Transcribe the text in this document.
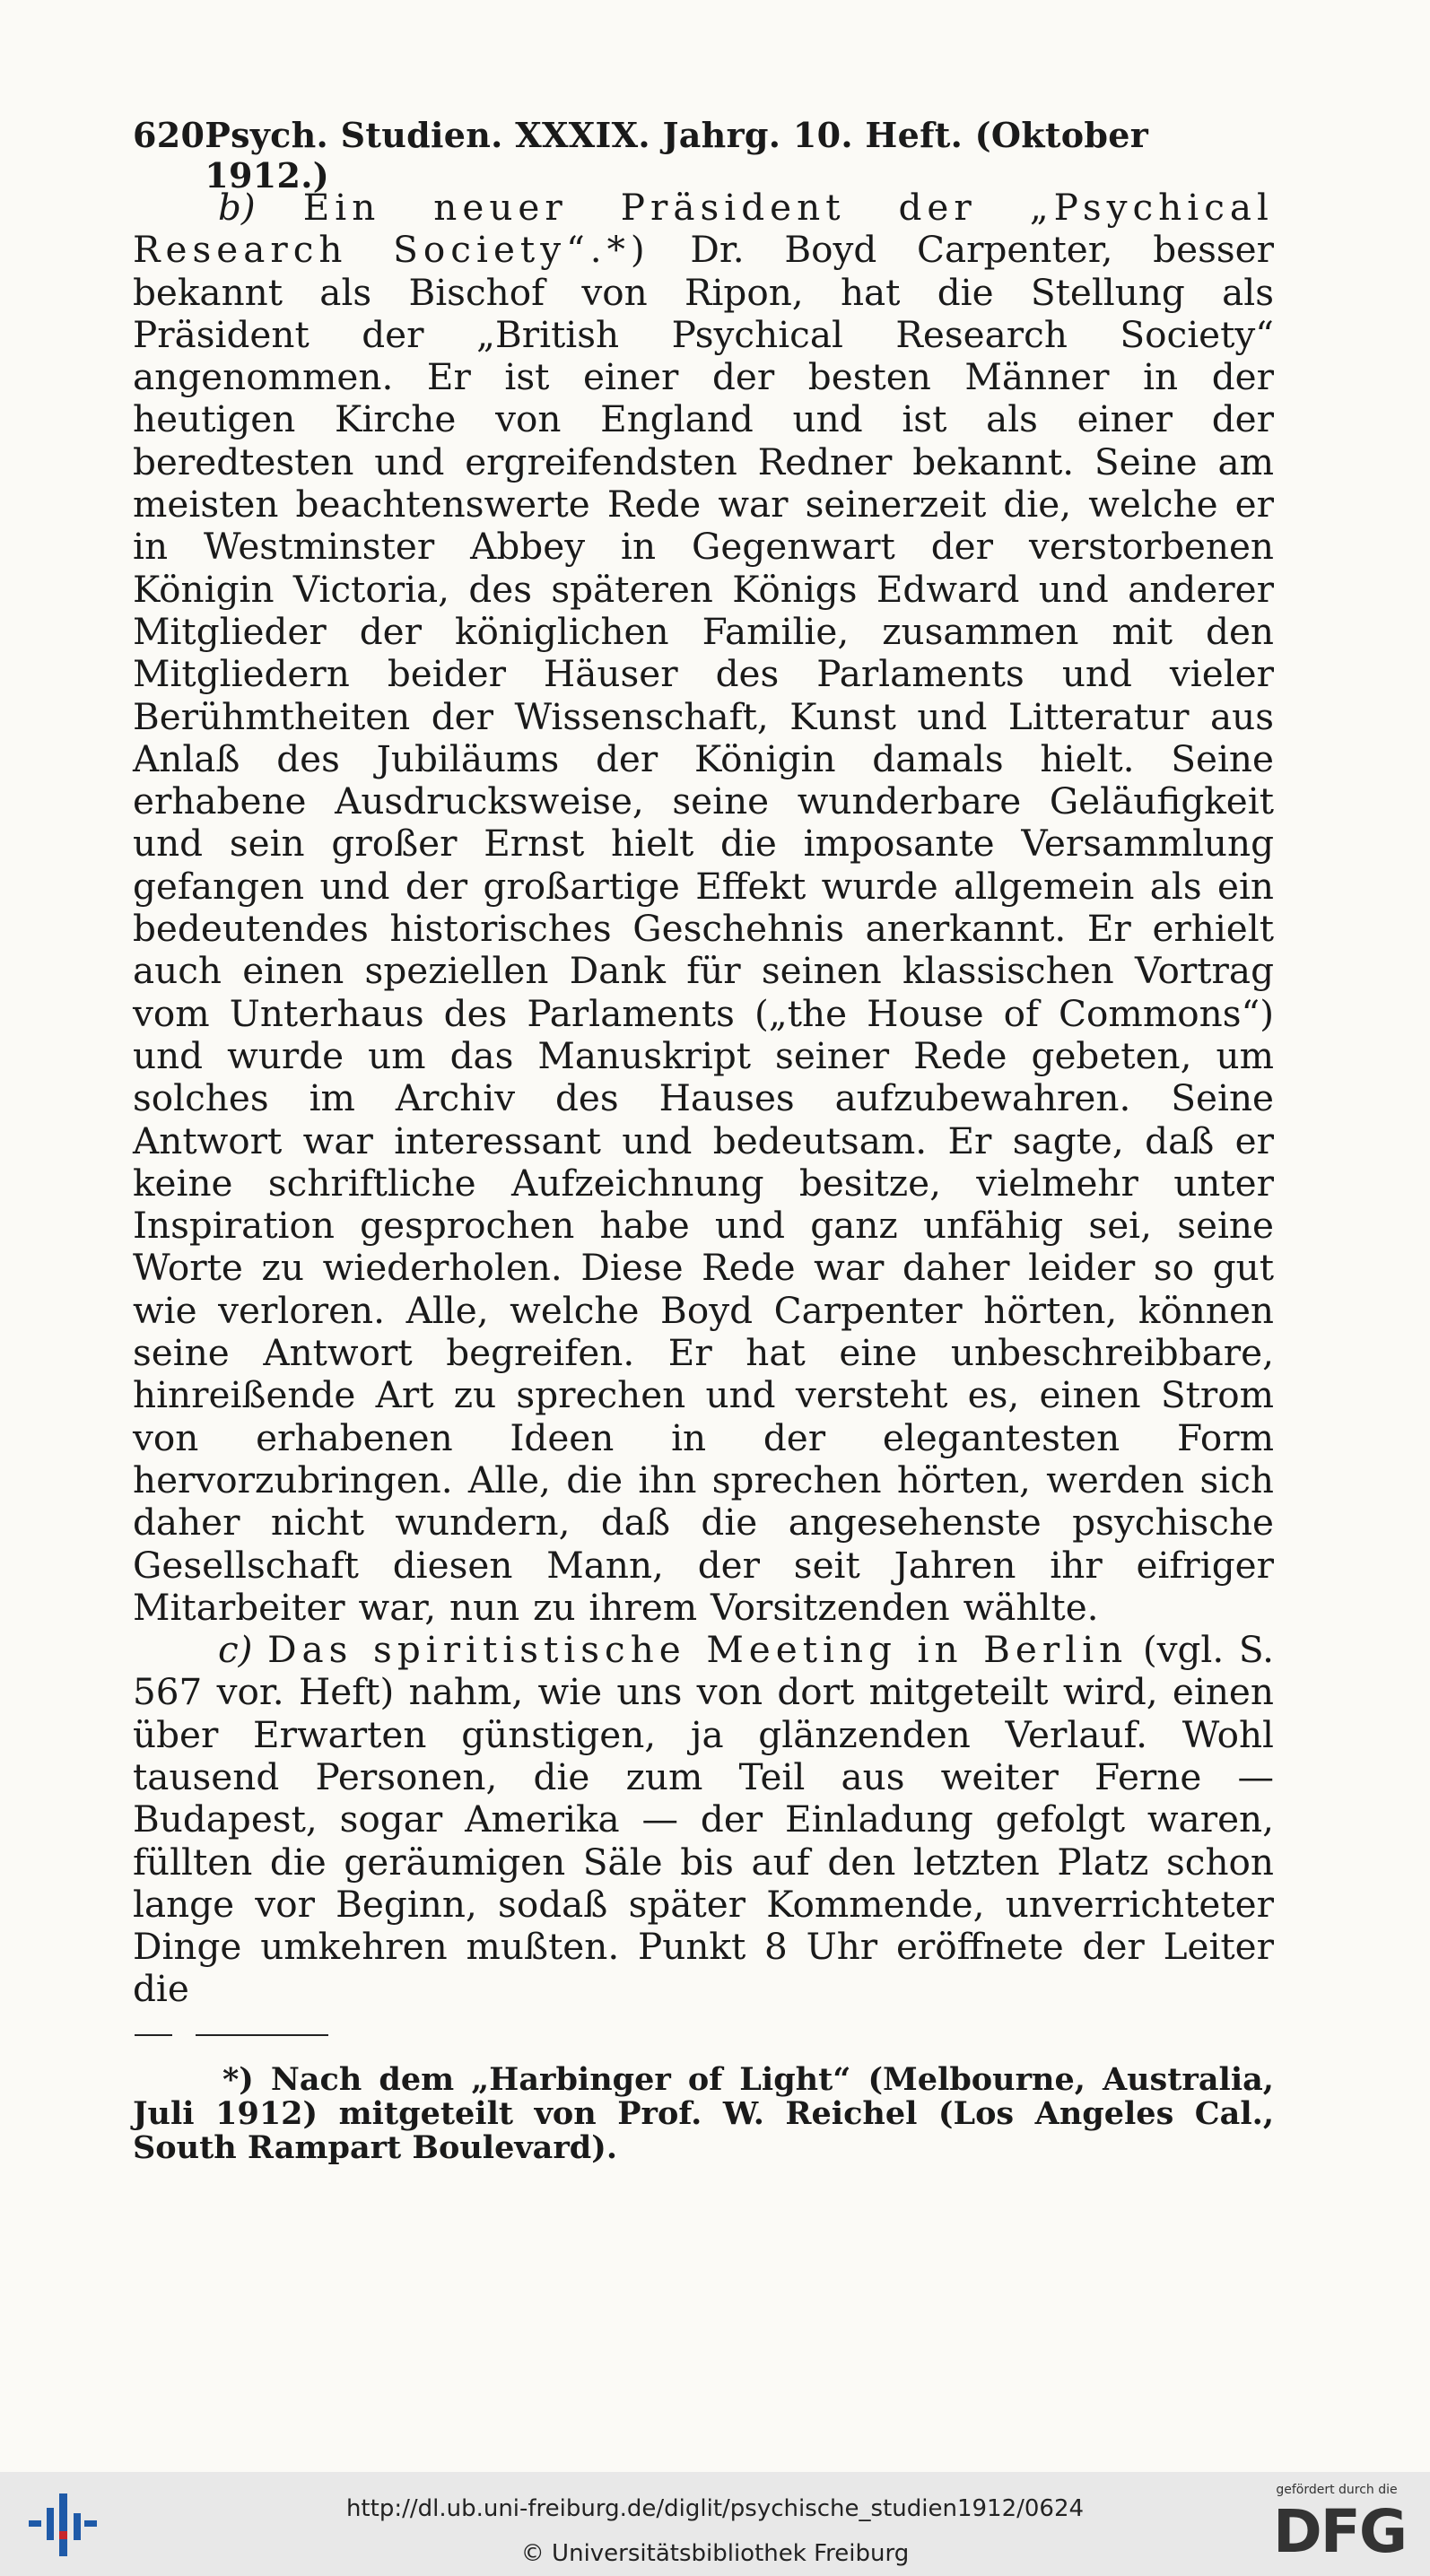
620 Psych. Studien. XXXIX. Jahrg. 10. Heft. (Oktober 1912.)

b) Ein neuer Präsident der „Psychical Research Society“.*) Dr. Boyd Carpenter, besser bekannt als Bischof von Ripon, hat die Stellung als Präsident der „British Psychical Research Society“ angenommen. Er ist einer der besten Männer in der heutigen Kirche von England und ist als einer der beredtesten und ergreifendsten Redner bekannt. Seine am meisten beachtenswerte Rede war seinerzeit die, welche er in Westminster Abbey in Gegenwart der verstorbenen Königin Victoria, des späteren Königs Edward und anderer Mitglieder der königlichen Familie, zusammen mit den Mitgliedern beider Häuser des Parlaments und vieler Berühmtheiten der Wissenschaft, Kunst und Litteratur aus Anlaß des Jubiläums der Königin damals hielt. Seine erhabene Ausdrucksweise, seine wunderbare Geläufigkeit und sein großer Ernst hielt die imposante Versammlung gefangen und der großartige Effekt wurde allgemein als ein bedeutendes historisches Geschehnis anerkannt. Er erhielt auch einen speziellen Dank für seinen klassischen Vortrag vom Unterhaus des Parlaments („the House of Commons“) und wurde um das Manuskript seiner Rede gebeten, um solches im Archiv des Hauses aufzubewahren. Seine Antwort war interessant und bedeutsam. Er sagte, daß er keine schriftliche Aufzeichnung besitze, vielmehr unter Inspiration gesprochen habe und ganz unfähig sei, seine Worte zu wiederholen. Diese Rede war daher leider so gut wie verloren. Alle, welche Boyd Carpenter hörten, können seine Antwort begreifen. Er hat eine unbeschreibbare, hinreißende Art zu sprechen und versteht es, einen Strom von erhabenen Ideen in der elegantesten Form hervorzubringen. Alle, die ihn sprechen hörten, werden sich daher nicht wundern, daß die angesehenste psychische Gesellschaft diesen Mann, der seit Jahren ihr eifriger Mitarbeiter war, nun zu ihrem Vorsitzenden wählte.

c) Das spiritistische Meeting in Berlin (vgl. S. 567 vor. Heft) nahm, wie uns von dort mitgeteilt wird, einen über Erwarten günstigen, ja glänzenden Verlauf. Wohl tausend Personen, die zum Teil aus weiter Ferne — Budapest, sogar Amerika — der Einladung gefolgt waren, füllten die geräumigen Säle bis auf den letzten Platz schon lange vor Beginn, sodaß später Kommende, unverrichteter Dinge umkehren mußten. Punkt 8 Uhr eröffnete der Leiter die

*) Nach dem „Harbinger of Light“ (Melbourne, Australia, Juli 1912) mitgeteilt von Prof. W. Reichel (Los Angeles Cal., South Rampart Boulevard).

http://dl.ub.uni-freiburg.de/diglit/psychische_studien1912/0624
© Universitätsbibliothek Freiburg
gefördert durch die
DFG
